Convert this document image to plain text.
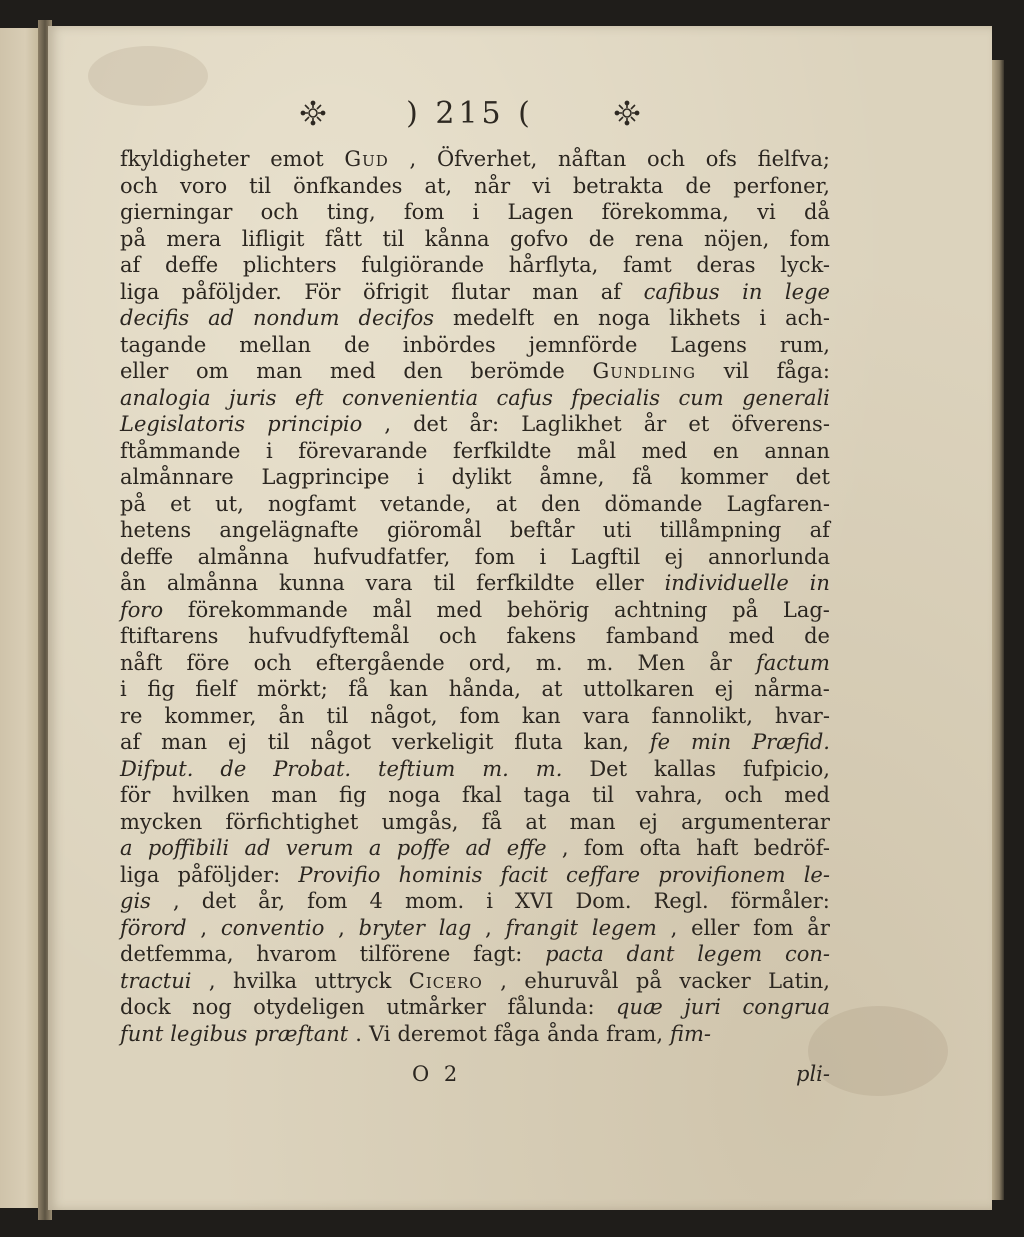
) 215 (
fkyldigheter emot Gud , Öfverhet, nåftan och ofs fielfva;
och voro til önfkandes at, når vi betrakta de perfoner,
gierningar och ting, fom i Lagen förekomma, vi då
på mera lifligit fått til kånna gofvo de rena nöjen, fom
af deffe plichters fulgiörande hårflyta, famt deras lyck-
liga påföljder. För öfrigit flutar man af cafibus in lege
decifis ad nondum decifos medelft en noga likhets i ach-
tagande mellan de inbördes jemnförde Lagens rum,
eller om man med den berömde Gundling vil fåga:
analogia juris eft convenientia cafus fpecialis cum generali
Legislatoris principio , det år: Laglikhet år et öfverens-
ftåmmande i förevarande ferfkildte mål med en annan
almånnare Lagprincipe i dylikt åmne, få kommer det
på et ut, nogfamt vetande, at den dömande Lagfaren-
hetens angelägnafte giöromål beftår uti tillåmpning af
deffe almånna hufvudfatfer, fom i Lagftil ej annorlunda
ån almånna kunna vara til ferfkildte eller individuelle in
foro förekommande mål med behörig achtning på Lag-
ftiftarens hufvudfyftemål och fakens famband med de
nåft före och eftergående ord, m. m. Men år factum
i fig fielf mörkt; få kan hånda, at uttolkaren ej nårma-
re kommer, ån til något, fom kan vara fannolikt, hvar-
af man ej til något verkeligit fluta kan, fe min Præfid.
Difput. de Probat. teftium m. m. Det kallas fufpicio,
för hvilken man fig noga fkal taga til vahra, och med
mycken förfichtighet umgås, få at man ej argumenterar
a poffibili ad verum a poffe ad effe , fom ofta haft bedröf-
liga påföljder: Provifio hominis facit ceffare provifionem le-
gis , det år, fom 4 mom. i XVI Dom. Regl. förmåler:
förord , conventio , bryter lag , frangit legem , eller fom år
detfemma, hvarom tilförene fagt: pacta dant legem con-
tractui , hvilka uttryck Cicero , ehuruvål på vacker Latin,
dock nog otydeligen utmårker fålunda: quæ juri congrua
funt legibus præftant . Vi deremot fåga ånda fram, fim-
O 2	pli-
